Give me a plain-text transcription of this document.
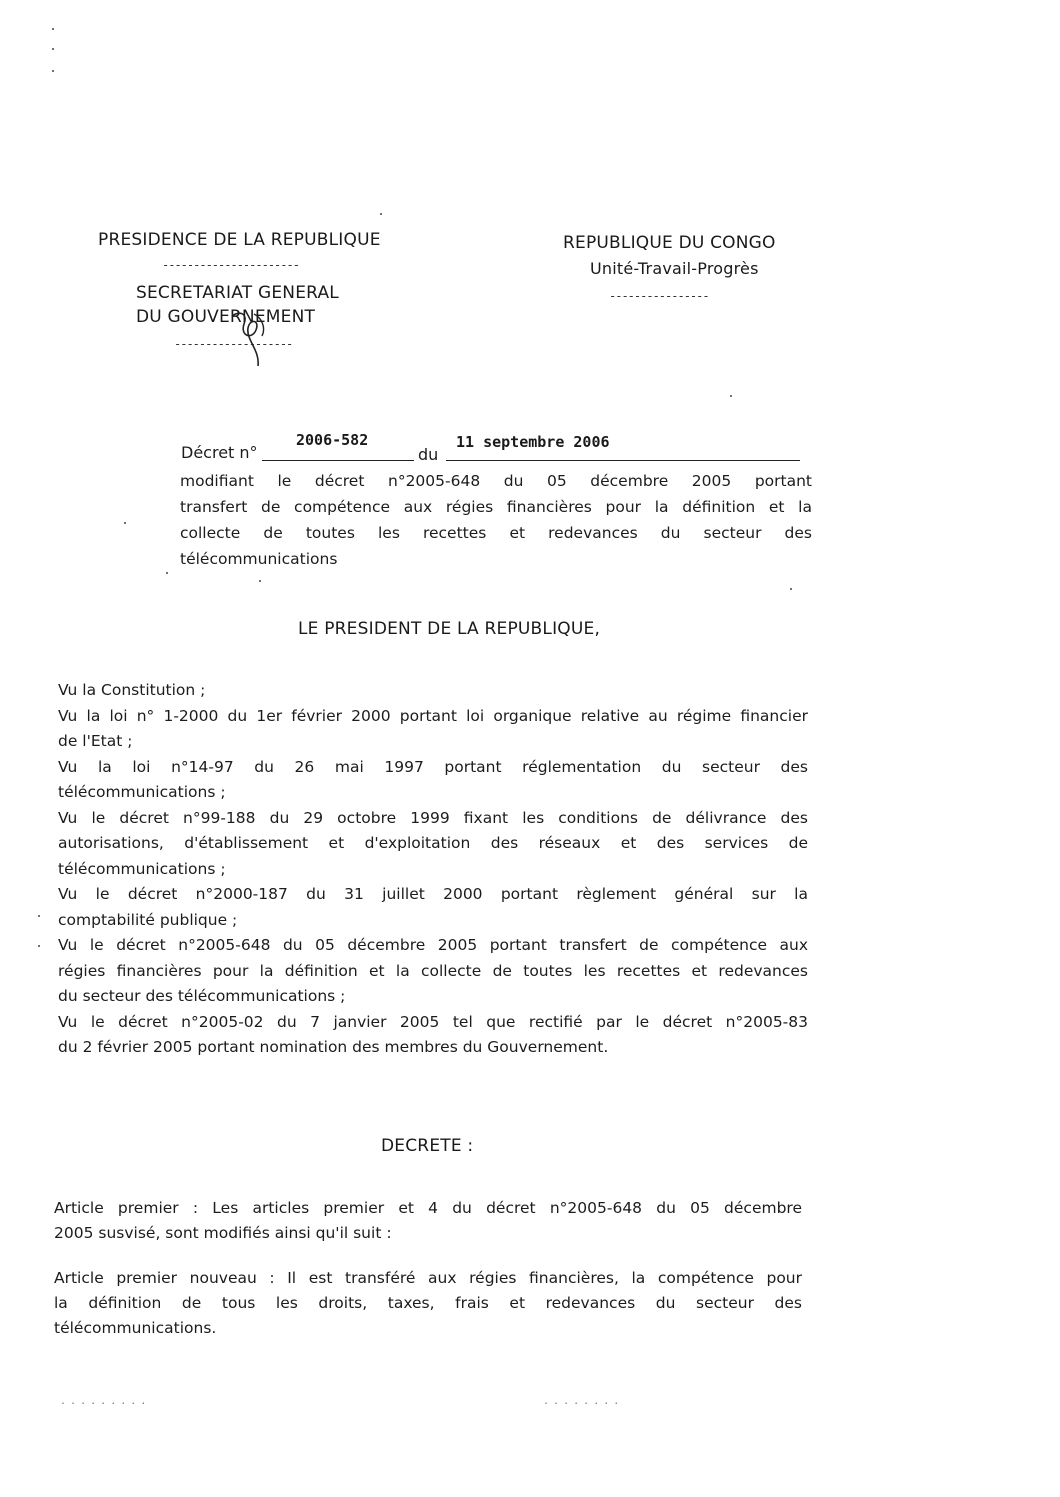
PRESIDENCE DE LA REPUBLIQUE
----------------------
SECRETARIAT GENERAL
DU GOUVERNEMENT
-------------------
REPUBLIQUE DU CONGO
Unité-Travail-Progrès
----------------
Décret n°
2006-582
du
11 septembre 2006
modifiant le décret n°2005-648 du 05 décembre 2005 portant
transfert de compétence aux régies financières pour la définition et la
collecte de toutes les recettes et redevances du secteur des
télécommunications
LE PRESIDENT DE LA REPUBLIQUE,
Vu la Constitution ;
Vu la loi n° 1-2000 du 1er février 2000 portant loi organique relative au régime financier
de l'Etat ;
Vu la loi n°14-97 du 26 mai 1997 portant réglementation du secteur des
télécommunications ;
Vu le décret n°99-188 du 29 octobre 1999 fixant les conditions de délivrance des
autorisations, d'établissement et d'exploitation des réseaux et des services de
télécommunications ;
Vu le décret n°2000-187 du 31 juillet 2000 portant règlement général sur la
comptabilité publique ;
Vu le décret n°2005-648 du 05 décembre 2005 portant transfert de compétence aux
régies financières pour la définition et la collecte de toutes les recettes et redevances
du secteur des télécommunications ;
Vu le décret n°2005-02 du 7 janvier 2005 tel que rectifié par le décret n°2005-83
du 2 février 2005 portant nomination des membres du Gouvernement.
DECRETE :
Article premier : Les articles premier et 4 du décret n°2005-648 du 05 décembre
2005 susvisé, sont modifiés ainsi qu'il suit :
Article premier nouveau : Il est transféré aux régies financières, la compétence pour
la définition de tous les droits, taxes, frais et redevances du secteur des
télécommunications.
. . . . . . . . .	. . . . . . . .
